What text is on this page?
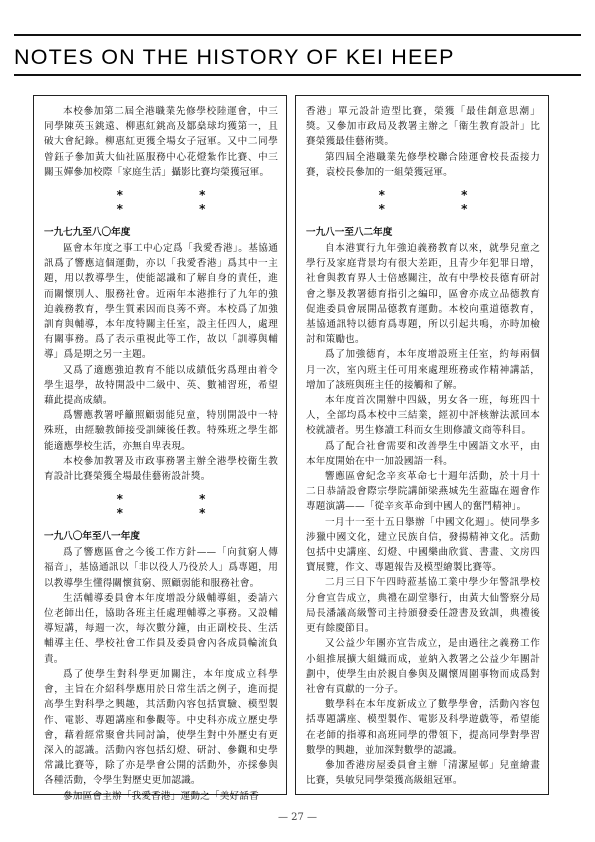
NOTES ON THE HISTORY OF KEI HEEP

本校參加第二屆全港職業先修學校陸運會，中三同學陳英玉銚遠、柳惠紅銚高及鄒燊球均獲第一，且破大會紀錄。柳惠紅更獲全場女子冠軍。又中二同學曾鈺子參加黃大仙社區服務中心花燈紮作比賽、中三關玉嬋參加校際「家庭生活」攝影比賽均榮獲冠軍。

* * * *
一九七九至八〇年度

區會本年度之事工中心定爲「我愛香港」。基協通訊爲了響應這個運動，亦以「我愛香港」爲其中一主題，用以教導學生，使能認識和了解自身的責任，進而關懷別人、服務社會。近兩年本港推行了九年的強迫義務教育，學生質素因而良莠不齊。本校爲了加強訓育與輔導，本年度特關主任室，設主任四人，處理有關事務。爲了表示重視此等工作，故以「訓導與輔導」爲是期之另一主題。

又爲了適應強迫教育不能以成績低劣爲理由着令學生退學，故特開設中二級中、英、數補習班，希望藉此提高成績。

爲響應教署呼籲照顧弱能兒童，特別開設中一特殊班，由經驗教師接受訓練後任教。特殊班之學生都能適應學校生活，亦無自卑表現。

本校參加教署及市政事務署主辦全港學校衞生教育設計比賽榮獲全場最佳藝術設計獎。

* * * *
一九八〇年至八一年度

爲了響應區會之今後工作方針——「向貧窮人傳福音」，基協通訊以「非以役人乃役於人」爲專題，用以教導學生懂得關懷貧窮、照顧弱能和服務社會。

生活輔導委員會本年度增設分級輔導組，委請六位老師出任，協助各班主任處理輔導之事務。又設輔導短講，每週一次，每次數分鐘，由正副校長、生活輔導主任、學校社會工作員及委員會內各成員輪流負責。

爲了使學生對科學更加關注，本年度成立科學會，主旨在介紹科學應用於日常生活之例子，進而提高學生對科學之興趣，其活動內容包括實驗、模型製作、電影、專題講座和參觀等。中史科亦成立歷史學會，藉着經常聚會共同討論，使學生對中外歷史有更深入的認識。活動內容包括幻燈、研討、參觀和史學常識比賽等，除了亦是學會公開的活動外，亦採參與各種活動，令學生對歷史更加認識。

參加區會主辦「我愛香港」運動之「美好話香

香港」單元設計造型比賽，榮獲「最佳創意思潮」獎。又參加市政局及教署主辦之「衞生教育設計」比賽榮獲最佳藝術獎。

第四屆全港職業先修學校聯合陸運會校長盃接力賽，袁校長參加的一組榮獲冠軍。

* * * *
一九八一至八二年度

自本港實行九年強迫義務教育以來，就學兒童之學行及家庭背景均有很大差距，且青少年犯罪日增，社會與教育界人士倍感關注，故有中學校長德育研討會之擧及教署德育指引之編印，區會亦成立品德教育促進委員會展開品德教育運動。本校向重道德教育，基協通訊特以德育爲專題，所以引起共鳴，亦時加檢討和策勵也。

爲了加強德育，本年度增設班主任室，約每兩個月一次，室內班主任可用來處理班務或作精神講話，增加了該班與班主任的接觸和了解。

本年度首次開辦中四級，男女各一班，每班四十人，全部均爲本校中三結業，經初中評核辦法派回本校就讀者。男生修讀工科而女生則修讀文商等科目。

爲了配合社會需要和改善學生中國語文水平，由本年度開始在中一加設國語一科。

響應區會紀念辛亥革命七十週年活動，於十月十二日恭請設會際宗學院講師梁燕城先生蒞臨在週會作專題演講——「從辛亥革命到中國人的奮鬥精神」。

一月十一至十五日擧辦「中國文化週」。使同學多涉獵中國文化，建立民族自信，發揚精神文化。活動包括中史講座、幻燈、中國樂曲欣賞、書畫、文房四寶展覽，作文、專題報告及模型繪製比賽等。

二月三日下午四時蒞基協工業中學少年警訊學校分會宣告成立，典禮在副堂擧行，由黃大仙警察分局局長潘議高級警司主持頒發委任證書及致訓，典禮後更有餘慶節目。

又公益少年團亦宣告成立，是由過往之義務工作小組推展擴大組織而成，並納入教署之公益少年團計劃中，使學生由於親自參與及關懷周圍事物而成爲對社會有貢獻的一分子。

數學科在本年度新成立了數學學會，活動內容包括專題講座、模型製作、電影及科學遊戲等，希望能在老師的指導和高班同學的帶領下，提高同學對學習數學的興趣，並加深對數學的認識。

參加香港房屋委員會主辦「清潔屋邨」兒童繪畫比賽，吳敏兒同學榮獲高級組冠軍。

— 27 —
